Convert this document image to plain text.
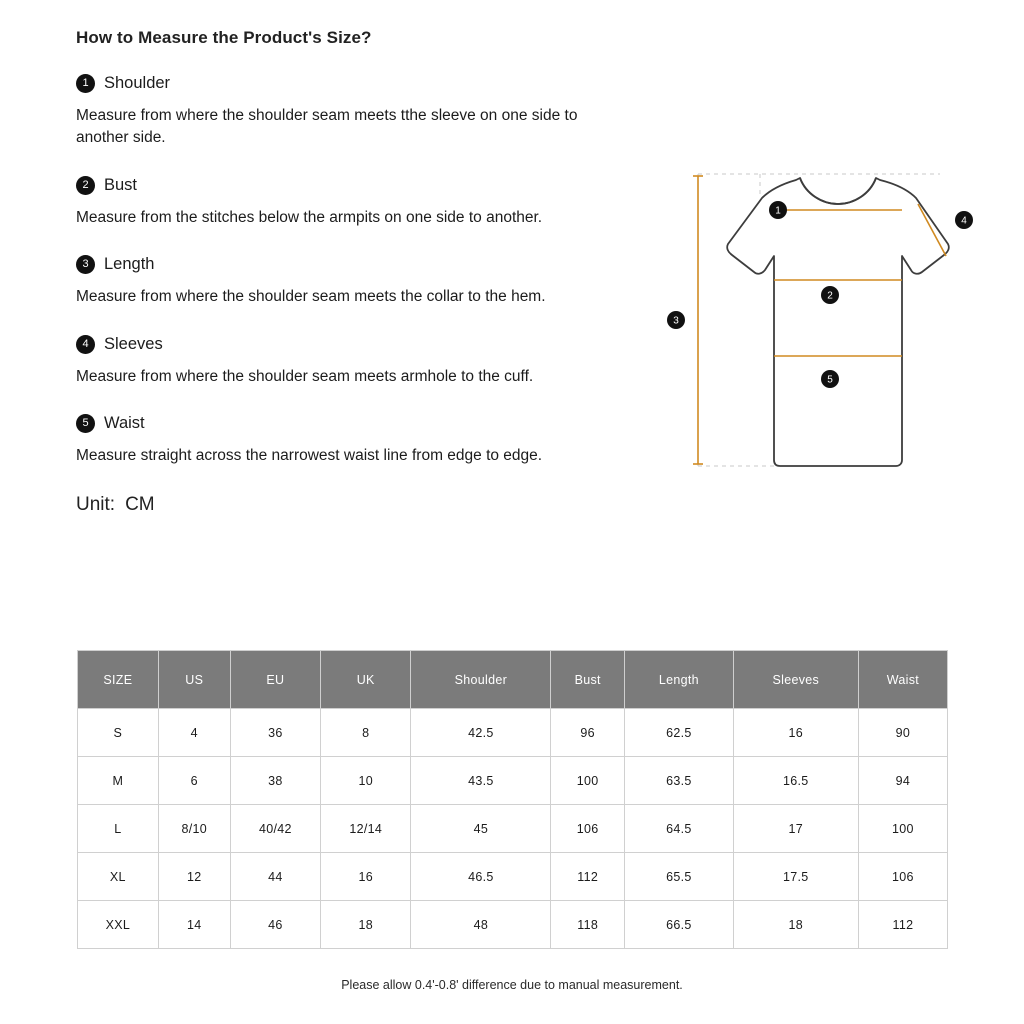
How to Measure the Product's Size?
1 Shoulder

Measure from where the shoulder seam meets tthe sleeve on one side to another side.

2 Bust

Measure from the stitches below the armpits on one side to another.

3 Length

Measure from where the shoulder seam meets the collar to the hem.

4 Sleeves

Measure from where the shoulder seam meets armhole to the cuff.

5 Waist

Measure straight across the narrowest waist line from edge to edge.

Unit: CM
1
2
3
4
5
SIZE	US	EU	UK	Shoulder	Bust	Length	Sleeves	Waist
S	4	36	8	42.5	96	62.5	16	90
M	6	38	10	43.5	100	63.5	16.5	94
L	8/10	40/42	12/14	45	106	64.5	17	100
XL	12	44	16	46.5	112	65.5	17.5	106
XXL	14	46	18	48	118	66.5	18	112
Please allow 0.4'-0.8' difference due to manual measurement.
